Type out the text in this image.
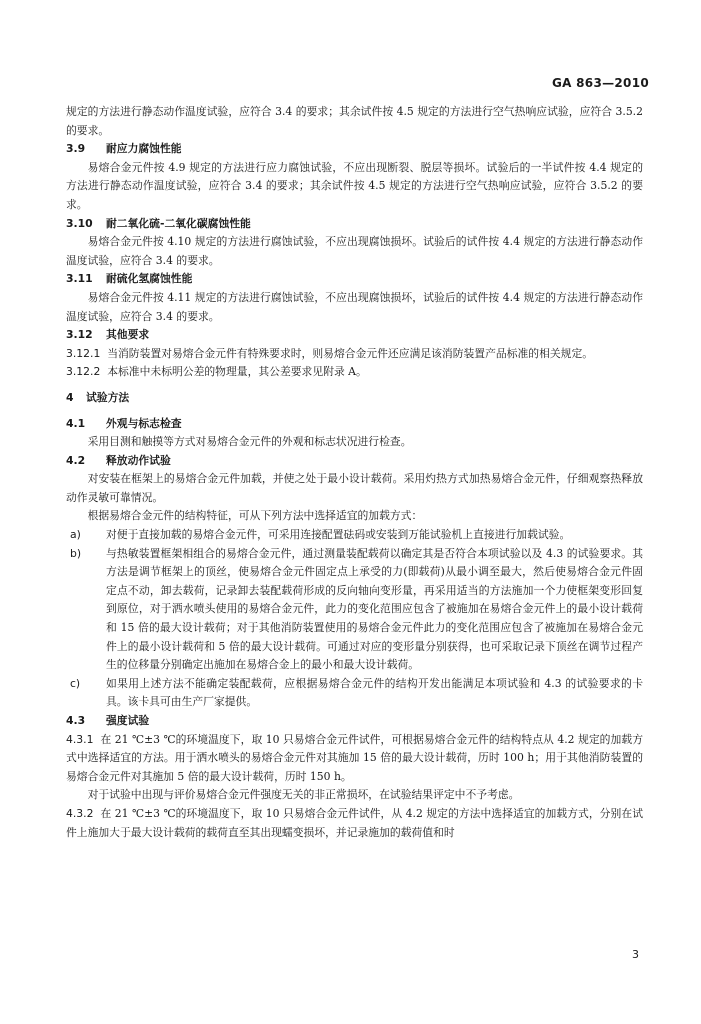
GA 863—2010

规定的方法进行静态动作温度试验，应符合 3.4 的要求；其余试件按 4.5 规定的方法进行空气热响应试验，应符合 3.5.2 的要求。

3.9 耐应力腐蚀性能

易熔合金元件按 4.9 规定的方法进行应力腐蚀试验，不应出现断裂、脱层等损坏。试验后的一半试件按 4.4 规定的方法进行静态动作温度试验，应符合 3.4 的要求；其余试件按 4.5 规定的方法进行空气热响应试验，应符合 3.5.2 的要求。

3.10 耐二氧化硫-二氧化碳腐蚀性能

易熔合金元件按 4.10 规定的方法进行腐蚀试验，不应出现腐蚀损坏。试验后的试件按 4.4 规定的方法进行静态动作温度试验，应符合 3.4 的要求。

3.11 耐硫化氢腐蚀性能

易熔合金元件按 4.11 规定的方法进行腐蚀试验，不应出现腐蚀损坏，试验后的试件按 4.4 规定的方法进行静态动作温度试验，应符合 3.4 的要求。

3.12 其他要求

3.12.1 当消防装置对易熔合金元件有特殊要求时，则易熔合金元件还应满足该消防装置产品标准的相关规定。

3.12.2 本标准中未标明公差的物理量，其公差要求见附录 A。

4 试验方法

4.1 外观与标志检查

采用目测和触摸等方式对易熔合金元件的外观和标志状况进行检查。

4.2 释放动作试验

对安装在框架上的易熔合金元件加载，并使之处于最小设计载荷。采用灼热方式加热易熔合金元件，仔细观察热释放动作灵敏可靠情况。

根据易熔合金元件的结构特征，可从下列方法中选择适宜的加载方式：

a)	对便于直接加载的易熔合金元件，可采用连接配置砝码或安装到万能试验机上直接进行加载试验。

b)	与热敏装置框架相组合的易熔合金元件，通过测量装配载荷以确定其是否符合本项试验以及 4.3 的试验要求。其方法是调节框架上的顶丝，使易熔合金元件固定点上承受的力(即载荷)从最小调至最大，然后使易熔合金元件固定点不动，卸去载荷，记录卸去装配载荷形成的反向轴向变形量，再采用适当的方法施加一个力使框架变形回复到原位，对于洒水喷头使用的易熔合金元件，此力的变化范围应包含了被施加在易熔合金元件上的最小设计载荷和 15 倍的最大设计载荷；对于其他消防装置使用的易熔合金元件此力的变化范围应包含了被施加在易熔合金元件上的最小设计载荷和 5 倍的最大设计载荷。可通过对应的变形量分别获得，也可采取记录下顶丝在调节过程产生的位移量分别确定出施加在易熔合金上的最小和最大设计载荷。

c)	如果用上述方法不能确定装配载荷，应根据易熔合金元件的结构开发出能满足本项试验和 4.3 的试验要求的卡具。该卡具可由生产厂家提供。

4.3 强度试验

4.3.1 在 21 ℃±3 ℃的环境温度下，取 10 只易熔合金元件试件，可根据易熔合金元件的结构特点从 4.2 规定的加载方式中选择适宜的方法。用于洒水喷头的易熔合金元件对其施加 15 倍的最大设计载荷，历时 100 h；用于其他消防装置的易熔合金元件对其施加 5 倍的最大设计载荷，历时 150 h。

对于试验中出现与评价易熔合金元件强度无关的非正常损坏，在试验结果评定中不予考虑。

4.3.2 在 21 ℃±3 ℃的环境温度下，取 10 只易熔合金元件试件，从 4.2 规定的方法中选择适宜的加载方式，分别在试件上施加大于最大设计载荷的载荷直至其出现蠕变损坏，并记录施加的载荷值和时

3
